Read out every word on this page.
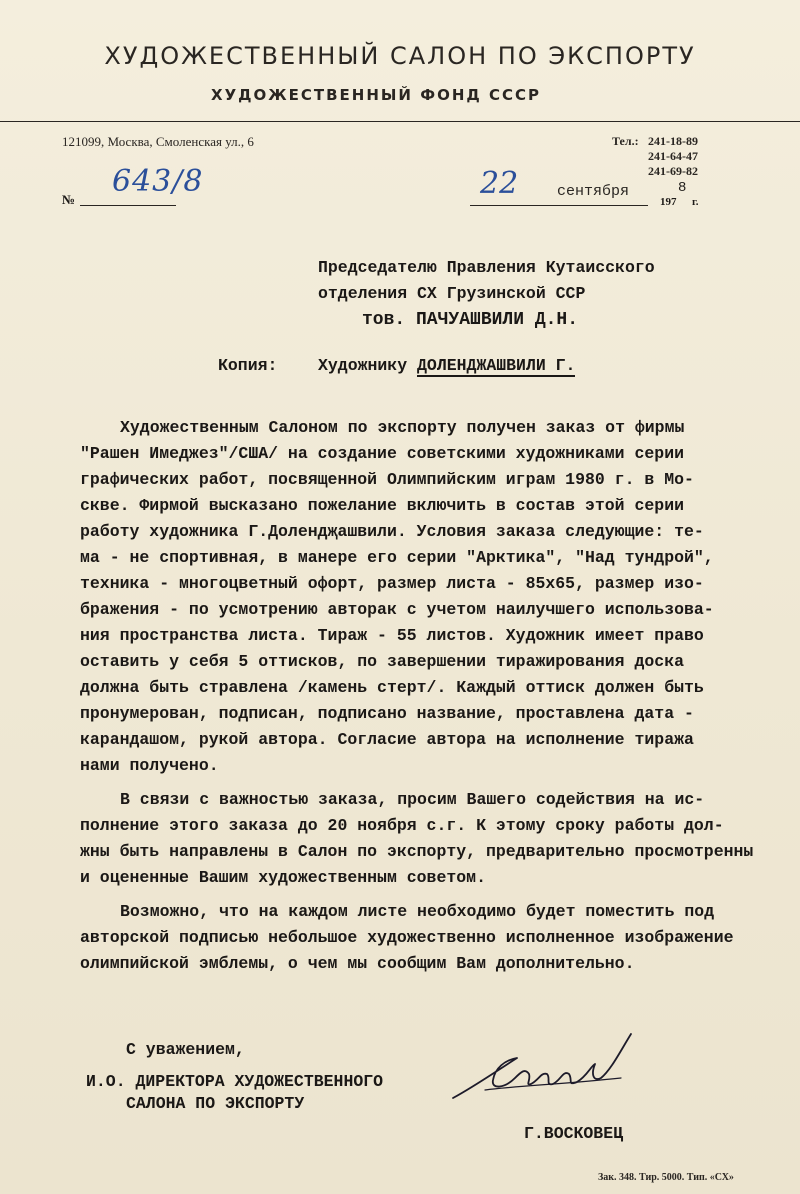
ХУДОЖЕСТВЕННЫЙ САЛОН ПО ЭКСПОРТУ
ХУДОЖЕСТВЕННЫЙ ФОНД СССР
121099, Москва, Смоленская ул., 6	Тел.: 241-18-89
241-64-47
241-69-82
№
643/8	22	сентября
197
8
г.
Председателю Правления Кутаисского
отделения СХ Грузинской ССР
тов. ПАЧУАШВИЛИ Д.Н.
Копия: Художнику ДОЛЕНДЖАШВИЛИ Г.
Художественным Салоном по экспорту получен заказ от фирмы
"Рашен Имеджез"/США/ на создание советскими художниками серии
графических работ, посвященной Олимпийским играм 1980 г. в Мо-
скве. Фирмой высказано пожелание включить в состав этой серии
работу художника Г.Долендҗашвили. Условия заказа следующие: те-
ма - не спортивная, в манере его серии "Арктика", "Над тундрой",
техника - многоцветный офорт, размер листа - 85х65, размер изо-
бражения - по усмотрению авторак с учетом наилучшего использова-
ния пространства листа. Тираж - 55 листов. Художник имеет право
оставить у себя 5 оттисков, по завершении тиражирования доска
должна быть стравлена /камень стерт/. Каждый оттиск должен быть
пронумерован, подписан, подписано название, проставлена дата -
карандашом, рукой автора. Согласие автора на исполнение тиража
нами получено.
В связи с важностью заказа, просим Вашего содействия на ис-
полнение этого заказа до 20 ноября с.г. К этому сроку работы дол-
жны быть направлены в Салон по экспорту, предварительно просмотренны
и оцененные Вашим художественным советом.
Возможно, что на каждом листе необходимо будет поместить под
авторской подписью небольшое художественно исполненное изображение
олимпийской эмблемы, о чем мы сообщим Вам дополнительно.
С уважением,
И.О. ДИРЕКТОРА ХУДОЖЕСТВЕННОГО
САЛОНА ПО ЭКСПОРТУ
Г.ВОСКОВЕЦ
Зак. 348. Тир. 5000. Тип. «СХ»
